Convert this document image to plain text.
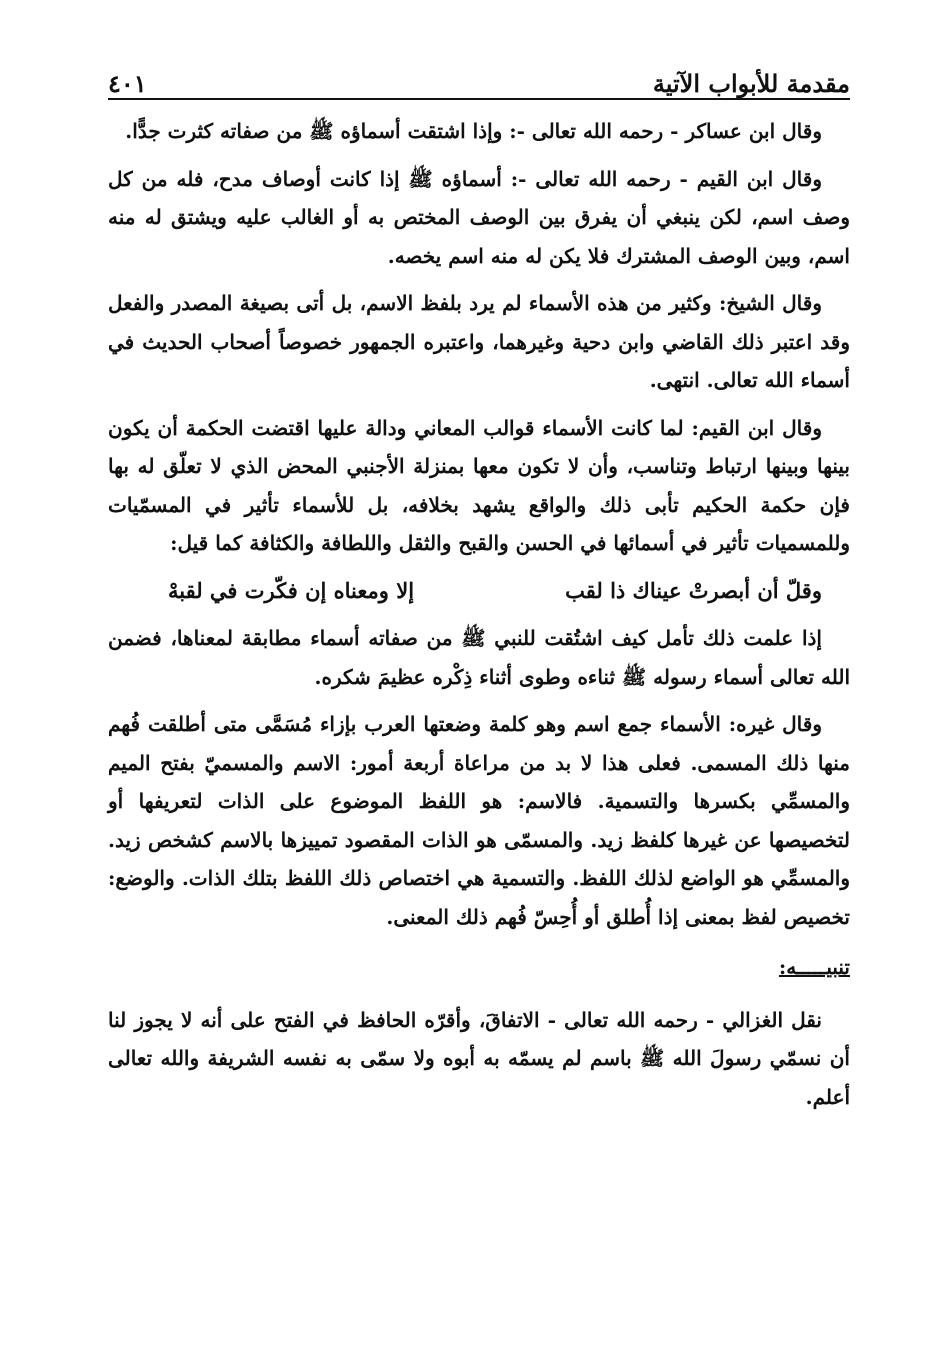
مقدمة للأبواب الآتية
٤٠١

وقال ابن عساكر - رحمه الله تعالى -: وإذا اشتقت أسماؤه ﷺ من صفاته كثرت جدًّا.

وقال ابن القيم - رحمه الله تعالى -: أسماؤه ﷺ إذا كانت أوصاف مدح، فله من كل وصف اسم، لكن ينبغي أن يفرق بين الوصف المختص به أو الغالب عليه ويشتق له منه اسم، وبين الوصف المشترك فلا يكن له منه اسم يخصه.

وقال الشيخ: وكثير من هذه الأسماء لم يرد بلفظ الاسم، بل أتى بصيغة المصدر والفعل وقد اعتبر ذلك القاضي وابن دحية وغيرهما، واعتبره الجمهور خصوصاً أصحاب الحديث في أسماء الله تعالى. انتهى.

وقال ابن القيم: لما كانت الأسماء قوالب المعاني ودالة عليها اقتضت الحكمة أن يكون بينها وبينها ارتباط وتناسب، وأن لا تكون معها بمنزلة الأجنبي المحض الذي لا تعلّق له بها فإن حكمة الحكيم تأبى ذلك والواقع يشهد بخلافه، بل للأسماء تأثير في المسمّيات وللمسميات تأثير في أسمائها في الحسن والقبح والثقل واللطافة والكثافة كما قيل:

وقلّ أن أبصرتْ عيناك ذا لقب
إلا ومعناه إن فكّرت في لقبهْ

إذا علمت ذلك تأمل كيف اشتُقت للنبي ﷺ من صفاته أسماء مطابقة لمعناها، فضمن الله تعالى أسماء رسوله ﷺ ثناءه وطوى أثناء ذِكْره عظيمَ شكره.

وقال غيره: الأسماء جمع اسم وهو كلمة وضعتها العرب بإزاء مُسَمَّى متى أطلقت فُهم منها ذلك المسمى. فعلى هذا لا بد من مراعاة أربعة أمور: الاسم والمسميّ بفتح الميم والمسمِّي بكسرها والتسمية. فالاسم: هو اللفظ الموضوع على الذات لتعريفها أو لتخصيصها عن غيرها كلفظ زيد. والمسمّى هو الذات المقصود تمييزها بالاسم كشخص زيد. والمسمِّي هو الواضع لذلك اللفظ. والتسمية هي اختصاص ذلك اللفظ بتلك الذات. والوضع: تخصيص لفظ بمعنى إذا أُطلق أو أُحِسّ فُهم ذلك المعنى.

تنبيـــــه:

نقل الغزالي - رحمه الله تعالى - الاتفاقَ، وأقرّه الحافظ في الفتح على أنه لا يجوز لنا أن نسمّي رسولَ الله ﷺ باسم لم يسمّه به أبوه ولا سمّى به نفسه الشريفة والله تعالى أعلم.
